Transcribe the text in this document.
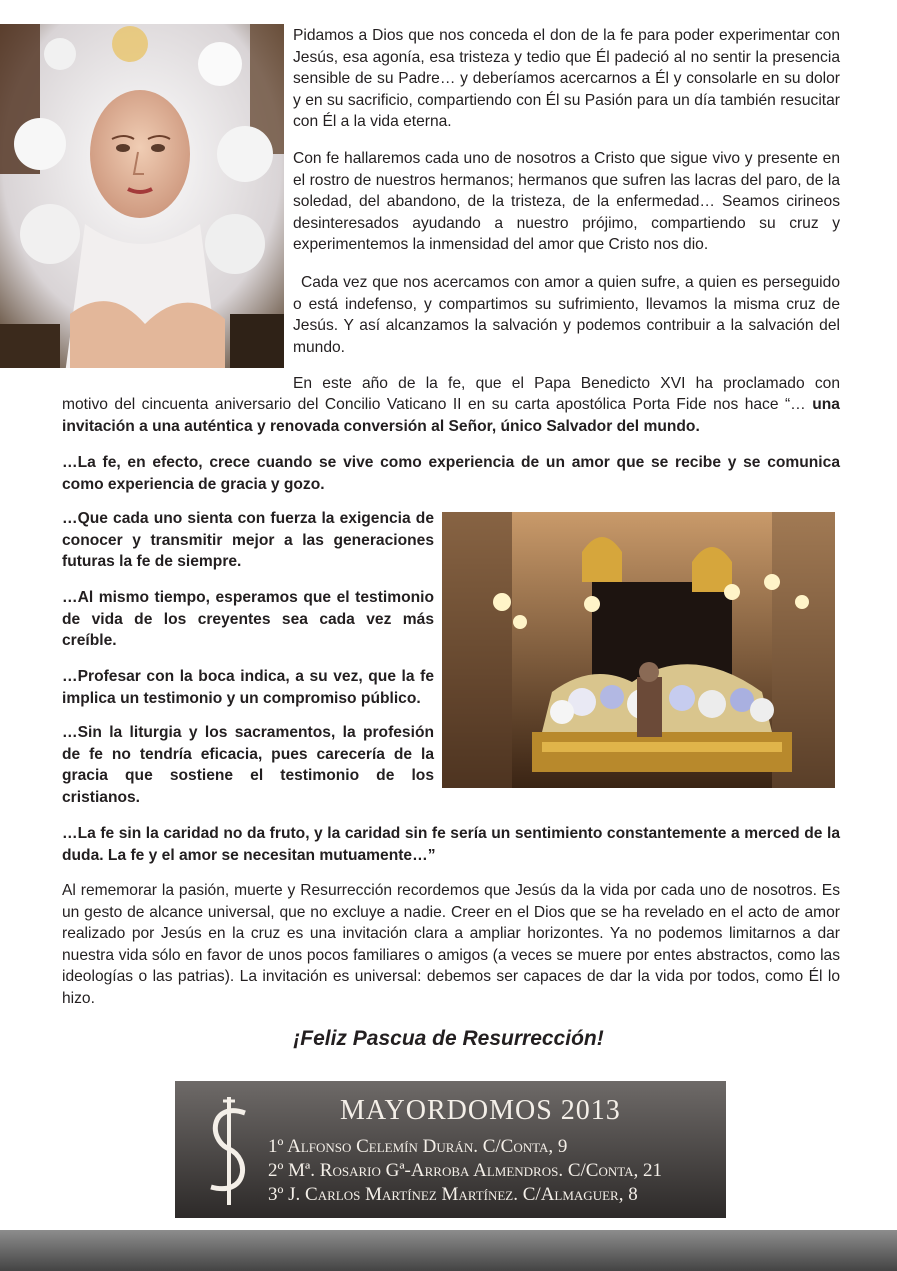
Pidamos a Dios que nos conceda el don de la fe para poder experimentar con Jesús, esa agonía, esa tristeza y tedio que Él padeció al no sentir la presencia sensible de su Padre… y deberíamos acercarnos a Él y consolarle en su dolor y en su sacrificio, compartiendo con Él su Pasión para un día también resucitar con Él a la vida eterna.

Con fe hallaremos cada uno de nosotros a Cristo que sigue vivo y presente en el rostro de nuestros hermanos; hermanos que sufren las lacras del paro, de la soledad, del abandono, de la tristeza, de la enfermedad… Seamos cirineos desinteresados ayudando a nuestro prójimo, compartiendo su cruz y experimentemos la inmensidad del amor que Cristo nos dio.

Cada vez que nos acercamos con amor a quien sufre, a quien es perseguido o está indefenso, y compartimos su sufrimiento, llevamos la misma cruz de Jesús. Y así alcanzamos la salvación y podemos contribuir a la salvación del mundo.

En este año de la fe, que el Papa Benedicto XVI ha proclamado con

motivo del cincuenta aniversario del Concilio Vaticano II en su carta apostólica Porta Fide nos hace “… una invitación a una auténtica y renovada conversión al Señor, único Salvador del mundo.

…La fe, en efecto, crece cuando se vive como experiencia de un amor que se recibe y se comunica como experiencia de gracia y gozo.

…Que cada uno sienta con fuerza la exigencia de conocer y transmitir mejor a las generaciones futuras la fe de siempre.

…Al mismo tiempo, esperamos que el testimonio de vida de los creyentes sea cada vez más creíble.

…Profesar con la boca indica, a su vez, que la fe implica un testimonio y un compromiso público.

…Sin la liturgia y los sacramentos, la profesión de fe no tendría eficacia, pues carecería de la gracia que sostiene el testimonio de los cristianos.

…La fe sin la caridad no da fruto, y la caridad sin fe sería un sentimiento constantemente a merced de la duda. La fe y el amor se necesitan mutuamente…”

Al rememorar la pasión, muerte y Resurrección recordemos que Jesús da la vida por cada uno de nosotros. Es un gesto de alcance universal, que no excluye a nadie. Creer en el Dios que se ha revelado en el acto de amor realizado por Jesús en la cruz es una invitación clara a ampliar horizontes. Ya no podemos limitarnos a dar nuestra vida sólo en favor de unos pocos familiares o amigos (a veces se muere por entes abstractos, como las ideologías o las patrias). La invitación es universal: debemos ser capaces de dar la vida por todos, como Él lo hizo.

¡Feliz Pascua de Resurrección!
MAYORDOMOS 2013
1º Alfonso Celemín Durán. C/Conta, 9
2º Mª. Rosario Gª-Arroba Almendros. C/Conta, 21
3º J. Carlos Martínez Martínez. C/Almaguer, 8
